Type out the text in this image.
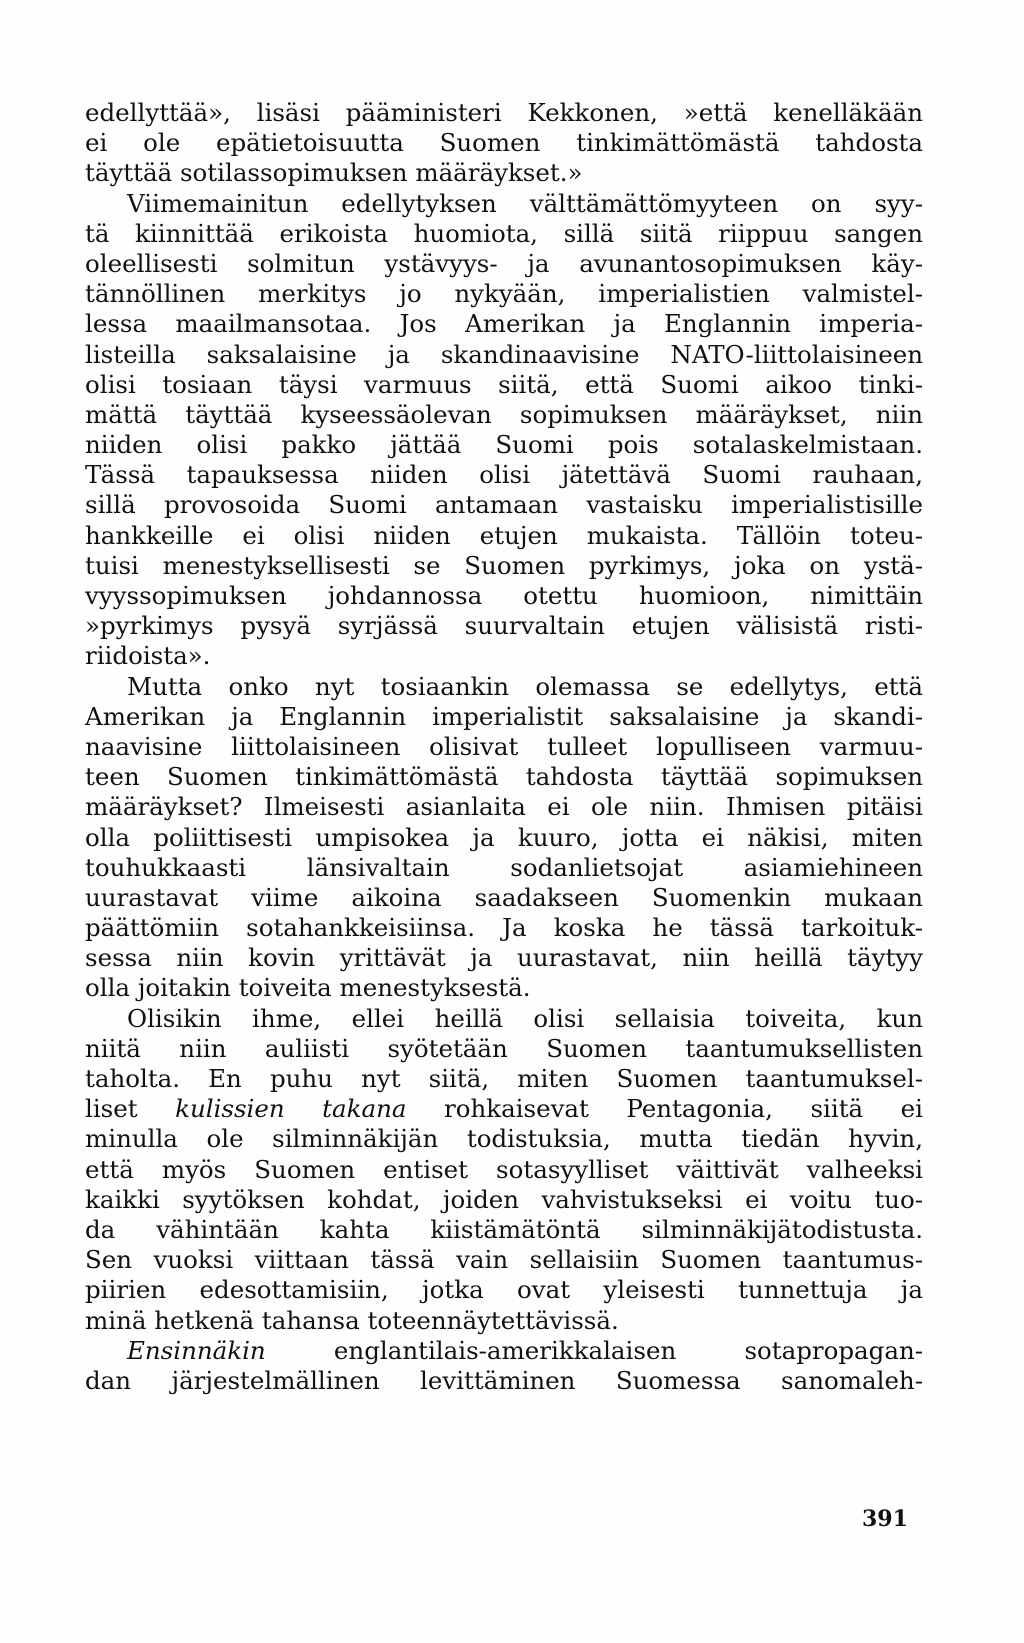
edellyttää», lisäsi pääministeri Kekkonen, »että kenelläkään
ei ole epätietoisuutta Suomen tinkimättömästä tahdosta
täyttää sotilassopimuksen määräykset.»
Viimemainitun edellytyksen välttämättömyyteen on syy-
tä kiinnittää erikoista huomiota, sillä siitä riippuu sangen
oleellisesti solmitun ystävyys- ja avunantosopimuksen käy-
tännöllinen merkitys jo nykyään, imperialistien valmistel-
lessa maailmansotaa. Jos Amerikan ja Englannin imperia-
listeilla saksalaisine ja skandinaavisine NATO-liittolaisineen
olisi tosiaan täysi varmuus siitä, että Suomi aikoo tinki-
mättä täyttää kyseessäolevan sopimuksen määräykset, niin
niiden olisi pakko jättää Suomi pois sotalaskelmistaan.
Tässä tapauksessa niiden olisi jätettävä Suomi rauhaan,
sillä provosoida Suomi antamaan vastaisku imperialistisille
hankkeille ei olisi niiden etujen mukaista. Tällöin toteu-
tuisi menestyksellisesti se Suomen pyrkimys, joka on ystä-
vyyssopimuksen johdannossa otettu huomioon, nimittäin
»pyrkimys pysyä syrjässä suurvaltain etujen välisistä risti-
riidoista».
Mutta onko nyt tosiaankin olemassa se edellytys, että
Amerikan ja Englannin imperialistit saksalaisine ja skandi-
naavisine liittolaisineen olisivat tulleet lopulliseen varmuu-
teen Suomen tinkimättömästä tahdosta täyttää sopimuksen
määräykset? Ilmeisesti asianlaita ei ole niin. Ihmisen pitäisi
olla poliittisesti umpisokea ja kuuro, jotta ei näkisi, miten
touhukkaasti länsivaltain sodanlietsojat asiamiehineen
uurastavat viime aikoina saadakseen Suomenkin mukaan
päättömiin sotahankkeisiinsa. Ja koska he tässä tarkoituk-
sessa niin kovin yrittävät ja uurastavat, niin heillä täytyy
olla joitakin toiveita menestyksestä.
Olisikin ihme, ellei heillä olisi sellaisia toiveita, kun
niitä niin auliisti syötetään Suomen taantumuksellisten
taholta. En puhu nyt siitä, miten Suomen taantumuksel-
liset kulissien takana rohkaisevat Pentagonia, siitä ei
minulla ole silminnäkijän todistuksia, mutta tiedän hyvin,
että myös Suomen entiset sotasyylliset väittivät valheeksi
kaikki syytöksen kohdat, joiden vahvistukseksi ei voitu tuo-
da vähintään kahta kiistämätöntä silminnäkijätodistusta.
Sen vuoksi viittaan tässä vain sellaisiin Suomen taantumus-
piirien edesottamisiin, jotka ovat yleisesti tunnettuja ja
minä hetkenä tahansa toteennäytettävissä.
Ensinnäkin	englantilais-amerikkalaisen sotapropagan-
dan järjestelmällinen levittäminen Suomessa sanomaleh-
391
